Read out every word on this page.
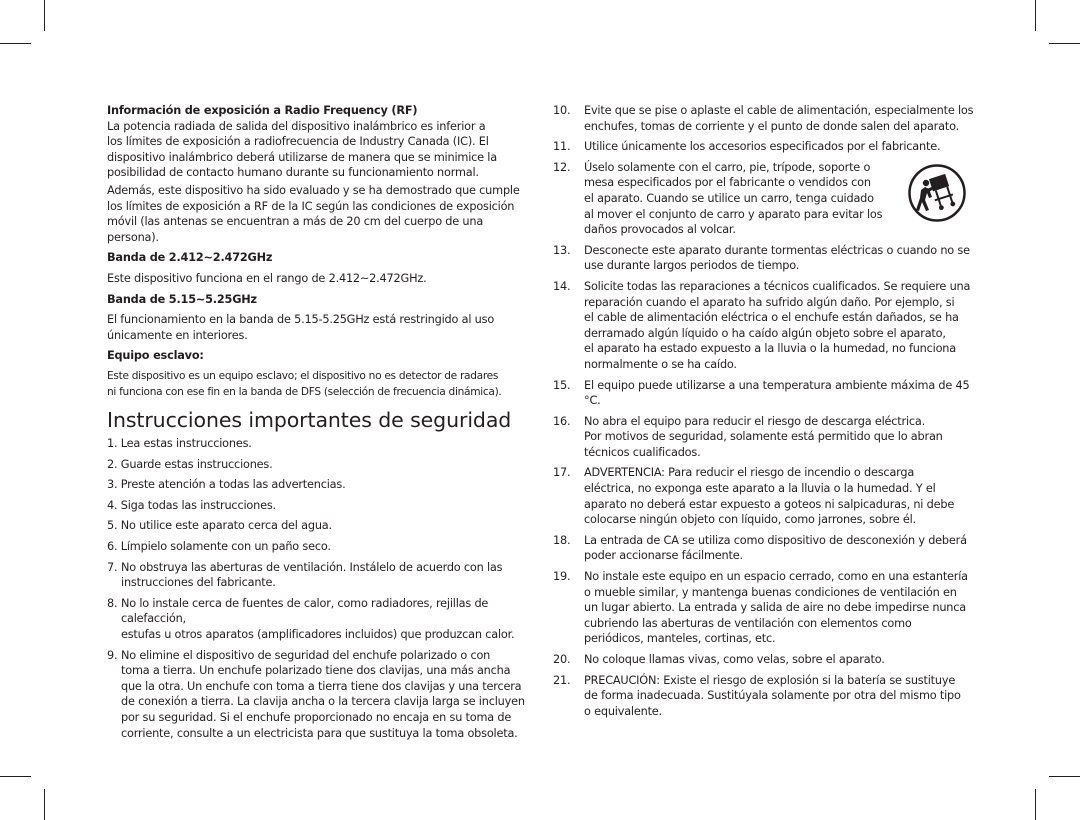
Información de exposición a Radio Frequency (RF)
La potencia radiada de salida del dispositivo inalámbrico es inferior a
los límites de exposición a radiofrecuencia de Industry Canada (IC). El
dispositivo inalámbrico deberá utilizarse de manera que se minimice la
posibilidad de contacto humano durante su funcionamiento normal.
Además, este dispositivo ha sido evaluado y se ha demostrado que cumple
los límites de exposición a RF de la IC según las condiciones de exposición
móvil (las antenas se encuentran a más de 20 cm del cuerpo de una persona).
Banda de 2.412~2.472GHz
Este dispositivo funciona en el rango de 2.412~2.472GHz.
Banda de 5.15~5.25GHz
El funcionamiento en la banda de 5.15-5.25GHz está restringido al uso
únicamente en interiores.
Equipo esclavo:
Este dispositivo es un equipo esclavo; el dispositivo no es detector de radares
ni funciona con ese fin en la banda de DFS (selección de frecuencia dinámica).
Instrucciones importantes de seguridad
1. Lea estas instrucciones.
2. Guarde estas instrucciones.
3. Preste atención a todas las advertencias.
4. Siga todas las instrucciones.
5. No utilice este aparato cerca del agua.
6. Límpielo solamente con un paño seco.
7. No obstruya las aberturas de ventilación. Instálelo de acuerdo con las
instrucciones del fabricante.
8. No lo instale cerca de fuentes de calor, como radiadores, rejillas de calefacción,
estufas u otros aparatos (amplificadores incluidos) que produzcan calor.
9. No elimine el dispositivo de seguridad del enchufe polarizado o con
toma a tierra. Un enchufe polarizado tiene dos clavijas, una más ancha
que la otra. Un enchufe con toma a tierra tiene dos clavijas y una tercera
de conexión a tierra. La clavija ancha o la tercera clavija larga se incluyen
por su seguridad. Si el enchufe proporcionado no encaja en su toma de
corriente, consulte a un electricista para que sustituya la toma obsoleta.
10. Evite que se pise o aplaste el cable de alimentación, especialmente los
enchufes, tomas de corriente y el punto de donde salen del aparato.
11. Utilice únicamente los accesorios especificados por el fabricante.
12. Úselo solamente con el carro, pie, trípode, soporte o
mesa especificados por el fabricante o vendidos con
el aparato. Cuando se utilice un carro, tenga cuidado
al mover el conjunto de carro y aparato para evitar los
daños provocados al volcar.
13. Desconecte este aparato durante tormentas eléctricas o cuando no se
use durante largos periodos de tiempo.
14. Solicite todas las reparaciones a técnicos cualificados. Se requiere una
reparación cuando el aparato ha sufrido algún daño. Por ejemplo, si
el cable de alimentación eléctrica o el enchufe están dañados, se ha
derramado algún líquido o ha caído algún objeto sobre el aparato,
el aparato ha estado expuesto a la lluvia o la humedad, no funciona
normalmente o se ha caído.
15. El equipo puede utilizarse a una temperatura ambiente máxima de 45 °C.
16. No abra el equipo para reducir el riesgo de descarga eléctrica.
Por motivos de seguridad, solamente está permitido que lo abran
técnicos cualificados.
17. ADVERTENCIA: Para reducir el riesgo de incendio o descarga
eléctrica, no exponga este aparato a la lluvia o la humedad. Y el
aparato no deberá estar expuesto a goteos ni salpicaduras, ni debe
colocarse ningún objeto con líquido, como jarrones, sobre él.
18. La entrada de CA se utiliza como dispositivo de desconexión y deberá
poder accionarse fácilmente.
19. No instale este equipo en un espacio cerrado, como en una estantería
o mueble similar, y mantenga buenas condiciones de ventilación en
un lugar abierto. La entrada y salida de aire no debe impedirse nunca
cubriendo las aberturas de ventilación con elementos como
periódicos, manteles, cortinas, etc.
20. No coloque llamas vivas, como velas, sobre el aparato.
21. PRECAUCIÓN: Existe el riesgo de explosión si la batería se sustituye
de forma inadecuada. Sustitúyala solamente por otra del mismo tipo
o equivalente.
